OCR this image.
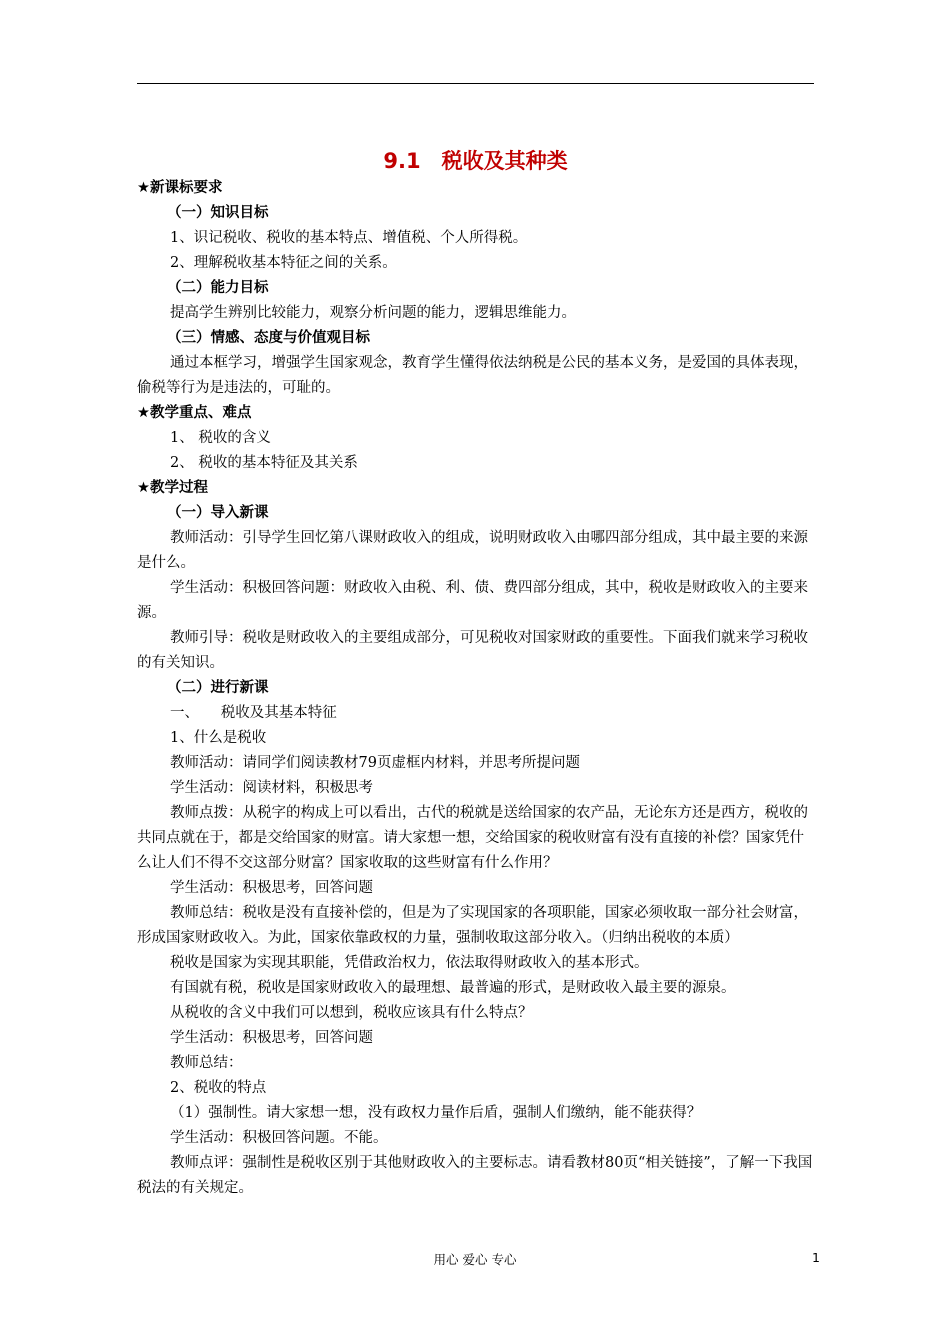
9.1　税收及其种类

★新课标要求

（一）知识目标

1、识记税收、税收的基本特点、增值税、个人所得税。

2、理解税收基本特征之间的关系。

（二）能力目标

提高学生辨别比较能力，观察分析问题的能力，逻辑思维能力。

（三）情感、态度与价值观目标

通过本框学习，增强学生国家观念，教育学生懂得依法纳税是公民的基本义务，是爱国的具体表现，偷税等行为是违法的，可耻的。

★教学重点、难点

1、 税收的含义

2、 税收的基本特征及其关系

★教学过程

（一）导入新课

教师活动：引导学生回忆第八课财政收入的组成，说明财政收入由哪四部分组成，其中最主要的来源是什么。

学生活动：积极回答问题：财政收入由税、利、债、费四部分组成，其中，税收是财政收入的主要来源。

教师引导：税收是财政收入的主要组成部分，可见税收对国家财政的重要性。下面我们就来学习税收的有关知识。

（二）进行新课

一、　　税收及其基本特征

1、什么是税收

教师活动：请同学们阅读教材79页虚框内材料，并思考所提问题

学生活动：阅读材料，积极思考

教师点拨：从税字的构成上可以看出，古代的税就是送给国家的农产品，无论东方还是西方，税收的共同点就在于，都是交给国家的财富。请大家想一想，交给国家的税收财富有没有直接的补偿？国家凭什么让人们不得不交这部分财富？国家收取的这些财富有什么作用？

学生活动：积极思考，回答问题

教师总结：税收是没有直接补偿的，但是为了实现国家的各项职能，国家必须收取一部分社会财富，形成国家财政收入。为此，国家依靠政权的力量，强制收取这部分收入。（归纳出税收的本质）

税收是国家为实现其职能，凭借政治权力，依法取得财政收入的基本形式。

有国就有税，税收是国家财政收入的最理想、最普遍的形式，是财政收入最主要的源泉。

从税收的含义中我们可以想到，税收应该具有什么特点？

学生活动：积极思考，回答问题

教师总结：

2、税收的特点

（1）强制性。请大家想一想，没有政权力量作后盾，强制人们缴纳，能不能获得？

学生活动：积极回答问题。不能。

教师点评：强制性是税收区别于其他财政收入的主要标志。请看教材80页“相关链接”，了解一下我国税法的有关规定。

用心 爱心 专心	1
